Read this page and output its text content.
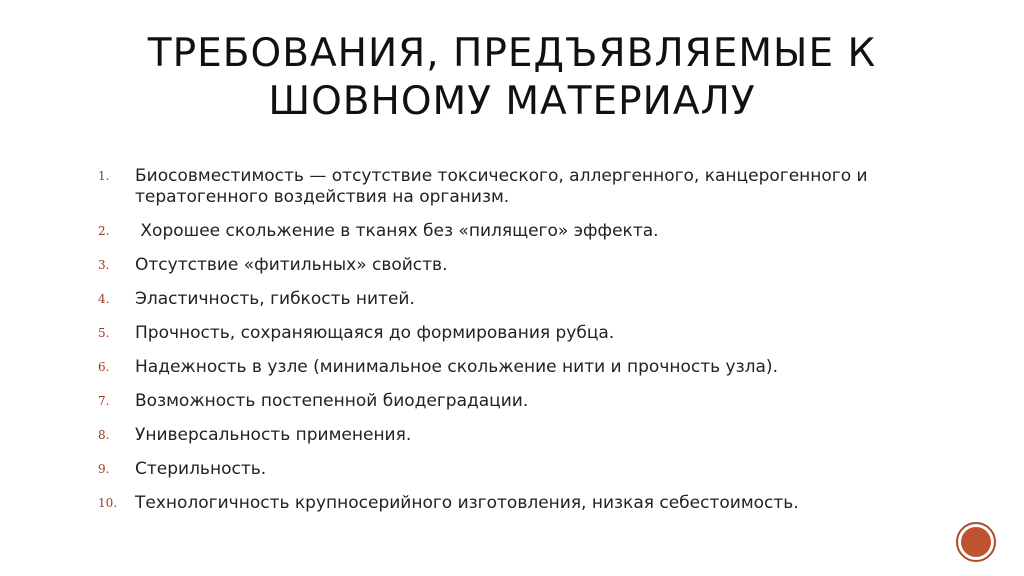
ТРЕБОВАНИЯ, ПРЕДЪЯВЛЯЕМЫЕ К
ШОВНОМУ МАТЕРИАЛУ
1. Биосовместимость — отсутствие токсического, аллергенного, канцерогенного и тератогенного воздействия на организм.
2. Хорошее скольжение в тканях без «пилящего» эффекта.
3. Отсутствие «фитильных» свойств.
4. Эластичность, гибкость нитей.
5. Прочность, сохраняющаяся до формирования рубца.
6. Надежность в узле (минимальное скольжение нити и прочность узла).
7. Возможность постепенной биодеградации.
8. Универсальность применения.
9. Стерильность.
10. Технологичность крупносерийного изготовления, низкая себестоимость.
